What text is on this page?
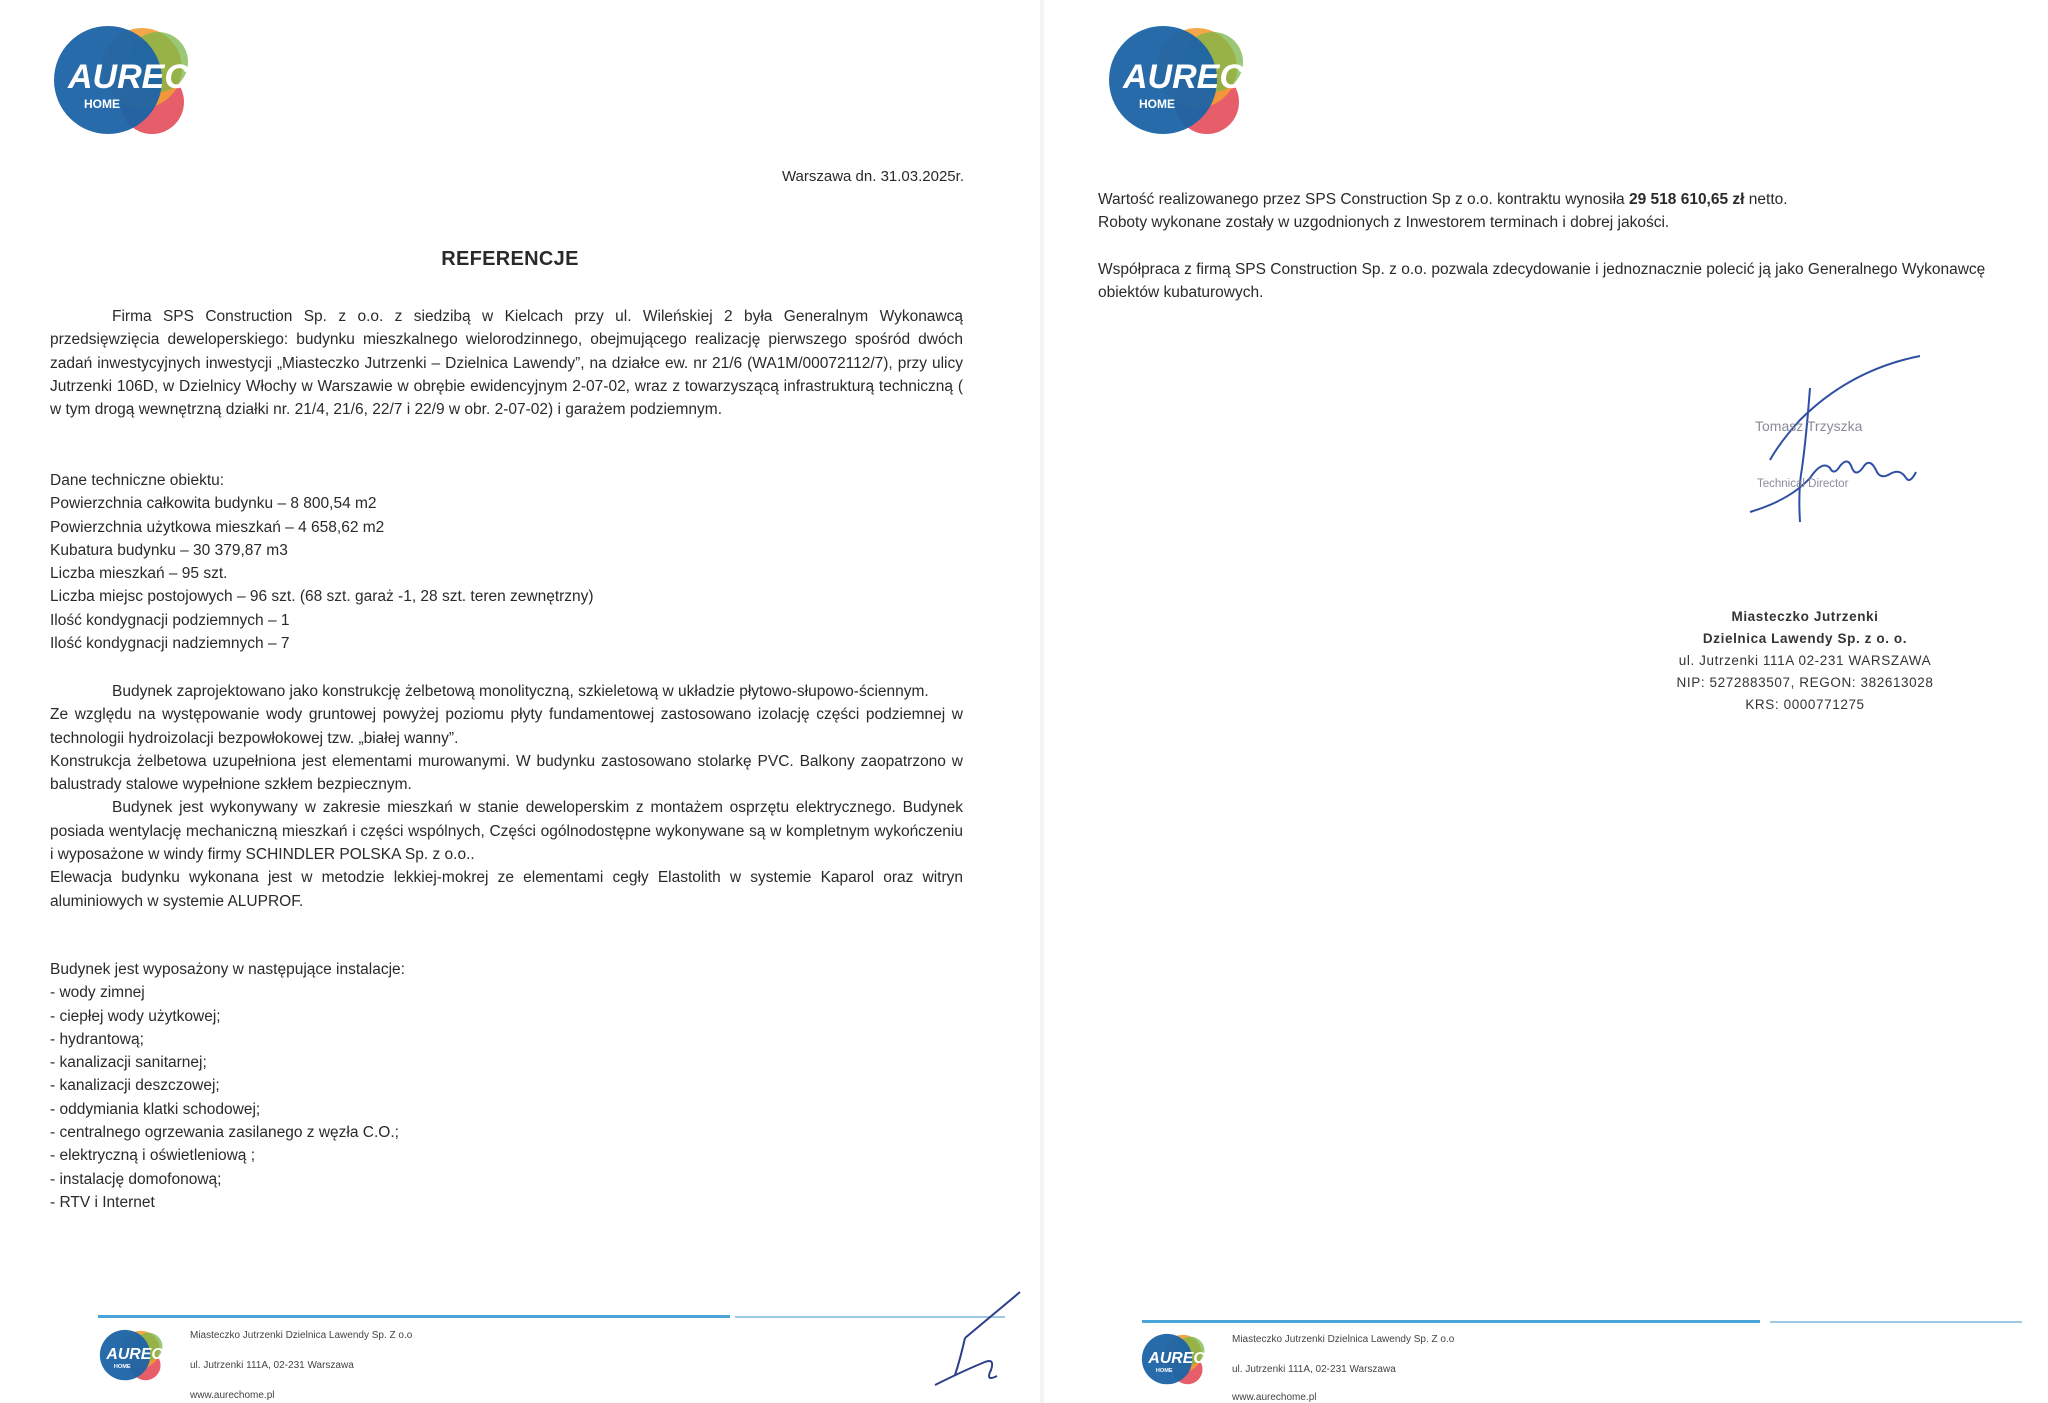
AUREC
HOME
Warszawa dn. 31.03.2025r.
REFERENCJE

Firma SPS Construction Sp. z o.o. z siedzibą w Kielcach przy ul. Wileńskiej 2 była Generalnym Wykonawcą przedsięwzięcia deweloperskiego: budynku mieszkalnego wielorodzinnego, obejmującego realizację pierwszego spośród dwóch zadań inwestycyjnych inwestycji „Miasteczko Jutrzenki – Dzielnica Lawendy”, na działce ew. nr 21/6 (WA1M/00072112/7), przy ulicy Jutrzenki 106D, w Dzielnicy Włochy w Warszawie w obrębie ewidencyjnym 2-07-02, wraz z towarzyszącą infrastrukturą techniczną ( w tym drogą wewnętrzną działki nr. 21/4, 21/6, 22/7 i 22/9 w obr. 2-07-02) i garażem podziemnym.

Dane techniczne obiektu:
Powierzchnia całkowita budynku – 8 800,54 m2
Powierzchnia użytkowa mieszkań – 4 658,62 m2
Kubatura budynku – 30 379,87 m3
Liczba mieszkań – 95 szt.
Liczba miejsc postojowych – 96 szt. (68 szt. garaż -1, 28 szt. teren zewnętrzny)
Ilość kondygnacji podziemnych – 1
Ilość kondygnacji nadziemnych – 7

Budynek zaprojektowano jako konstrukcję żelbetową monolityczną, szkieletową w układzie płytowo-słupowo-ściennym.

Ze względu na występowanie wody gruntowej powyżej poziomu płyty fundamentowej zastosowano izolację części podziemnej w technologii hydroizolacji bezpowłokowej tzw. „białej wanny”.

Konstrukcja żelbetowa uzupełniona jest elementami murowanymi. W budynku zastosowano stolarkę PVC. Balkony zaopatrzono w balustrady stalowe wypełnione szkłem bezpiecznym.

Budynek jest wykonywany w zakresie mieszkań w stanie deweloperskim z montażem osprzętu elektrycznego. Budynek posiada wentylację mechaniczną mieszkań i części wspólnych, Części ogólnodostępne wykonywane są w kompletnym wykończeniu i wyposażone w windy firmy SCHINDLER POLSKA Sp. z o.o..

Elewacja budynku wykonana jest w metodzie lekkiej-mokrej ze elementami cegły Elastolith w systemie Kaparol oraz witryn aluminiowych w systemie ALUPROF.

Budynek jest wyposażony w następujące instalacje:
- wody zimnej
- ciepłej wody użytkowej;
- hydrantową;
- kanalizacji sanitarnej;
- kanalizacji deszczowej;
- oddymiania klatki schodowej;
- centralnego ogrzewania zasilanego z węzła C.O.;
- elektryczną i oświetleniową ;
- instalację domofonową;
- RTV i Internet
AUREC
HOME
Miasteczko Jutrzenki Dzielnica Lawendy Sp. Z o.o
ul. Jutrzenki 111A, 02-231 Warszawa
www.aurechome.pl
AUREC
HOME

Wartość realizowanego przez SPS Construction Sp z o.o. kontraktu wynosiła 29 518 610,65 zł netto.
Roboty wykonane zostały w uzgodnionych z Inwestorem terminach i dobrej jakości.

Współpraca z firmą SPS Construction Sp. z o.o. pozwala zdecydowanie i jednoznacznie polecić ją jako Generalnego Wykonawcę obiektów kubaturowych.

Tomasz Trzyszka
Technical Director
Miasteczko Jutrzenki
Dzielnica Lawendy Sp. z o. o.
ul. Jutrzenki 111A 02-231 WARSZAWA
NIP: 5272883507, REGON: 382613028
KRS: 0000771275
AUREC
HOME
Miasteczko Jutrzenki Dzielnica Lawendy Sp. Z o.o
ul. Jutrzenki 111A, 02-231 Warszawa
www.aurechome.pl
